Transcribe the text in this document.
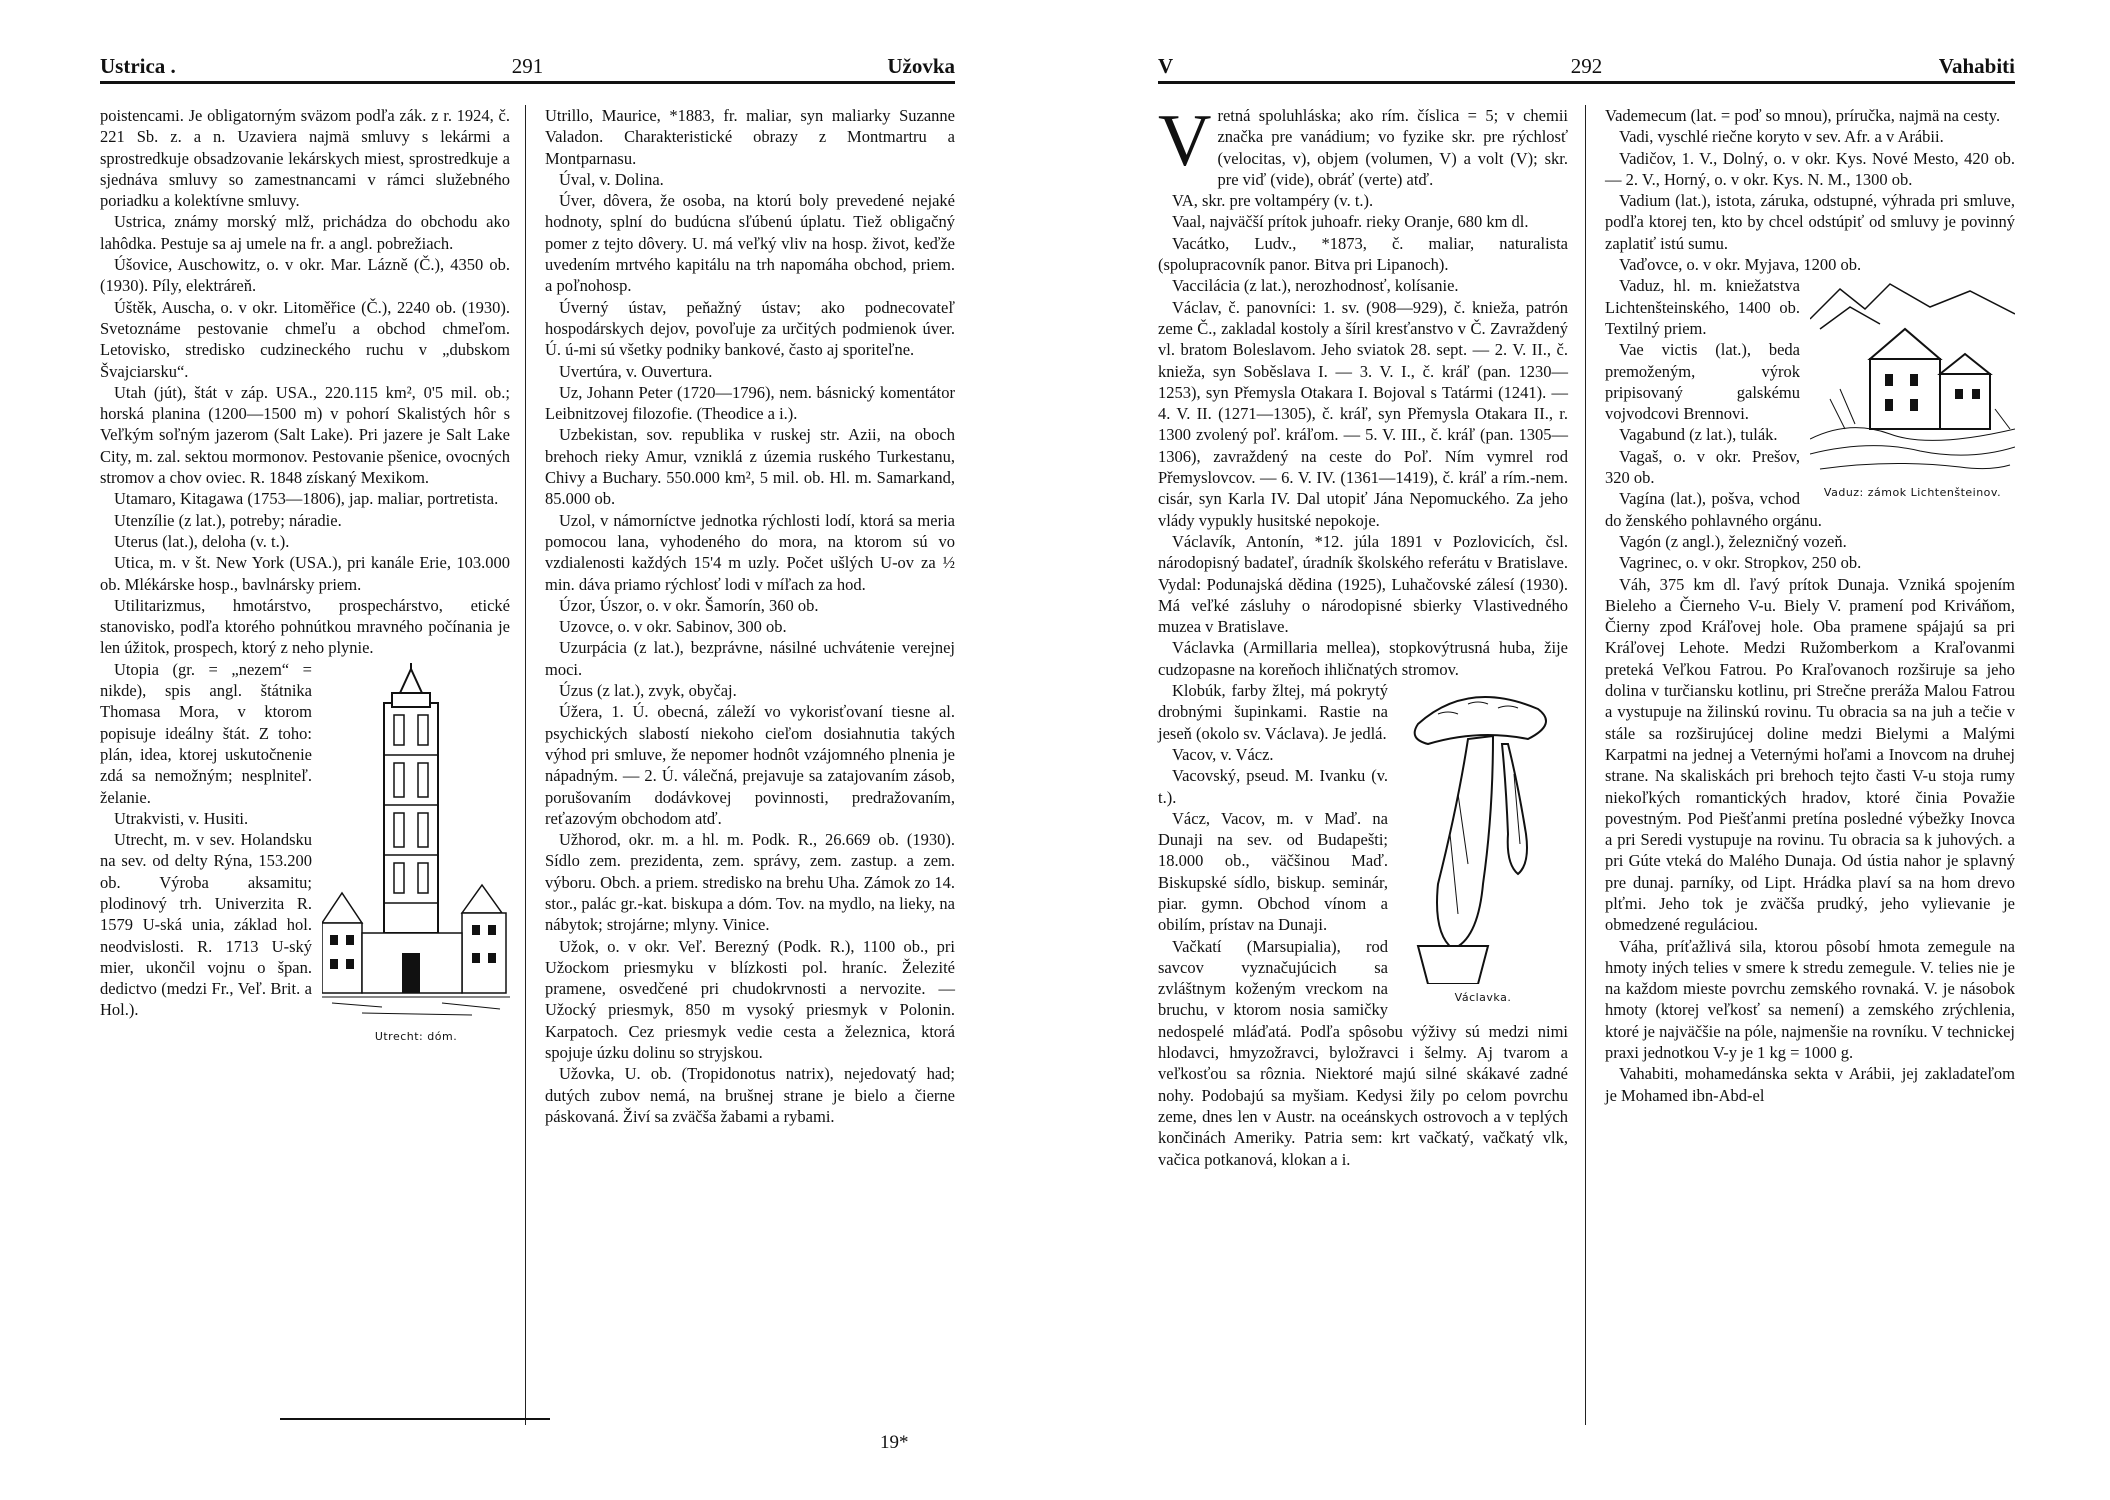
Ustrica .	291	Užovka

poistencami. Je obligatorným sväzom podľa zák. z r. 1924, č. 221 Sb. z. a n. Uzaviera najmä smluvy s lekármi a sprostredkuje obsadzovanie lekárskych miest, sprostredkuje a sjednáva smluvy so zamestnancami v rámci služebného poriadku a kolektívne smluvy.

Ustrica, známy morský mlž, prichádza do obchodu ako lahôdka. Pestuje sa aj umele na fr. a angl. pobrežiach.

Úšovice, Auschowitz, o. v okr. Mar. Lázně (Č.), 4350 ob. (1930). Píly, elektráreň.

Úštěk, Auscha, o. v okr. Litoměřice (Č.), 2240 ob. (1930). Svetoznáme pestovanie chmeľu a obchod chmeľom. Letovisko, stredisko cudzineckého ruchu v „dubskom Švajciarsku“.

Utah (jút), štát v záp. USA., 220.115 km², 0'5 mil. ob.; horská planina (1200—1500 m) v pohorí Skalistých hôr s Veľkým soľným jazerom (Salt Lake). Pri jazere je Salt Lake City, m. zal. sektou mormonov. Pestovanie pšenice, ovocných stromov a chov oviec. R. 1848 získaný Mexikom.

Utamaro, Kitagawa (1753—1806), jap. maliar, portretista.

Utenzílie (z lat.), potreby; náradie.

Uterus (lat.), deloha (v. t.).

Utica, m. v št. New York (USA.), pri kanále Erie, 103.000 ob. Mlékárske hosp., bavlnársky priem.

Utilitarizmus, hmotárstvo, prospechárstvo, etické stanovisko, podľa ktorého pohnútkou mravného počínania je len úžitok, prospech, ktorý z neho plynie.

Utrecht: dóm.

Utopia (gr. = „nezem“ = nikde), spis angl. štátnika Thomasa Mora, v ktorom popisuje ideálny štát. Z toho: plán, idea, ktorej uskutočnenie zdá sa nemožným; nesplniteľ. želanie.

Utrakvisti, v. Husiti.

Utrecht, m. v sev. Holandsku na sev. od delty Rýna, 153.200 ob. Výroba aksamitu; plodinový trh. Univerzita R. 1579 U-ská unia, základ hol. neodvislosti. R. 1713 U-ský mier, ukončil vojnu o špan. dedictvo (medzi Fr., Veľ. Brit. a Hol.).

Utrillo, Maurice, *1883, fr. maliar, syn maliarky Suzanne Valadon. Charakteristické obrazy z Montmartru a Montparnasu.

Úval, v. Dolina.

Úver, dôvera, že osoba, na ktorú boly prevedené nejaké hodnoty, splní do budúcna sľúbenú úplatu. Tiež obligačný pomer z tejto dôvery. U. má veľký vliv na hosp. život, keďže uvedením mrtvého kapitálu na trh napomáha obchod, priem. a poľnohosp.

Úverný ústav, peňažný ústav; ako podnecovateľ hospodárskych dejov, povoľuje za určitých podmienok úver. Ú. ú-mi sú všetky podniky bankové, často aj sporiteľne.

Uvertúra, v. Ouvertura.

Uz, Johann Peter (1720—1796), nem. básnický komentátor Leibnitzovej filozofie. (Theodice a i.).

Uzbekistan, sov. republika v ruskej str. Azii, na oboch brehoch rieky Amur, vzniklá z územia ruského Turkestanu, Chivy a Buchary. 550.000 km², 5 mil. ob. Hl. m. Samarkand, 85.000 ob.

Uzol, v námorníctve jednotka rýchlosti lodí, ktorá sa meria pomocou lana, vyhodeného do mora, na ktorom sú vo vzdialenosti každých 15'4 m uzly. Počet ušlých U-ov za ½ min. dáva priamo rýchlosť lodi v míľach za hod.

Úzor, Úszor, o. v okr. Šamorín, 360 ob.

Uzovce, o. v okr. Sabinov, 300 ob.

Uzurpácia (z lat.), bezprávne, násilné uchvátenie verejnej moci.

Úzus (z lat.), zvyk, obyčaj.

Úžera, 1. Ú. obecná, záleží vo vykorisťovaní tiesne al. psychických slabostí niekoho cieľom dosiahnutia takých výhod pri smluve, že nepomer hodnôt vzájomného plnenia je nápadným. — 2. Ú. válečná, prejavuje sa zatajovaním zásob, porušovaním dodávkovej povinnosti, predražovaním, reťazovým obchodom atď.

Užhorod, okr. m. a hl. m. Podk. R., 26.669 ob. (1930). Sídlo zem. prezidenta, zem. správy, zem. zastup. a zem. výboru. Obch. a priem. stredisko na brehu Uha. Zámok zo 14. stor., palác gr.-kat. biskupa a dóm. Tov. na mydlo, na lieky, na nábytok; strojárne; mlyny. Vinice.

Užok, o. v okr. Veľ. Berezný (Podk. R.), 1100 ob., pri Užockom priesmyku v blízkosti pol. hraníc. Železité pramene, osvedčené pri chudokrvnosti a nervozite. — Užocký priesmyk, 850 m vysoký priesmyk v Polonin. Karpatoch. Cez priesmyk vedie cesta a železnica, ktorá spojuje úzku dolinu so stryjskou.

Užovka, U. ob. (Tropidonotus natrix), nejedovatý had; dutých zubov nemá, na brušnej strane je bielo a čierne páskovaná. Živí sa zväčša žabami a rybami.

19*
V	292	Vahabiti
V retná spoluhláska; ako rím. číslica = 5; v chemii značka pre vanádium; vo fyzike skr. pre rýchlosť (velocitas, v), objem (volumen, V) a volt (V); skr. pre viď (vide), obráť (verte) atď.

VA, skr. pre voltampéry (v. t.).

Vaal, najväčší prítok juhoafr. rieky Oranje, 680 km dl.

Vacátko, Ludv., *1873, č. maliar, naturalista (spolupracovník panor. Bitva pri Lipanoch).

Vaccilácia (z lat.), nerozhodnosť, kolísanie.

Václav, č. panovníci: 1. sv. (908—929), č. knieža, patrón zeme Č., zakladal kostoly a šíril kresťanstvo v Č. Zavraždený vl. bratom Boleslavom. Jeho sviatok 28. sept. — 2. V. II., č. knieža, syn Soběslava I. — 3. V. I., č. kráľ (pan. 1230—1253), syn Přemysla Otakara I. Bojoval s Tatármi (1241). — 4. V. II. (1271—1305), č. kráľ, syn Přemysla Otakara II., r. 1300 zvolený poľ. kráľom. — 5. V. III., č. kráľ (pan. 1305—1306), zavraždený na ceste do Poľ. Ním vymrel rod Přemyslovcov. — 6. V. IV. (1361—1419), č. kráľ a rím.-nem. cisár, syn Karla IV. Dal utopiť Jána Nepomuckého. Za jeho vlády vypukly husitské nepokoje.

Václavík, Antonín, *12. júla 1891 v Pozlovicích, čsl. národopisný badateľ, úradník školského referátu v Bratislave. Vydal: Podunajská dědina (1925), Luhačovské zálesí (1930). Má veľké zásluhy o národopisné sbierky Vlastivedného muzea v Bratislave.

Václavka (Armillaria mellea), stopkovýtrusná huba, žije cudzopasne na koreňoch ihličnatých stromov.

Václavka.

Klobúk, farby žltej, má pokrytý drobnými šupinkami. Rastie na jeseň (okolo sv. Václava). Je jedlá.

Vacov, v. Vácz.

Vacovský, pseud. M. Ivanku (v. t.).

Vácz, Vacov, m. v Maď. na Dunaji na sev. od Budapešti; 18.000 ob., väčšinou Maď. Biskupské sídlo, biskup. seminár, piar. gymn. Obchod vínom a obilím, prístav na Dunaji.

Vačkatí (Marsupialia), rod savcov vyznačujúcich sa zvláštnym koženým vreckom na bruchu, v ktorom nosia samičky nedospelé mláďatá. Podľa spôsobu výživy sú medzi nimi hlodavci, hmyzožravci, byložravci i šelmy. Aj tvarom a veľkosťou sa rôznia. Niektoré majú silné skákavé zadné nohy. Podobajú sa myšiam. Kedysi žily po celom povrchu zeme, dnes len v Austr. na oceánskych ostrovoch a v teplých končinách Ameriky. Patria sem: krt vačkatý, vačkatý vlk, vačica potkanová, klokan a i.

Vademecum (lat. = poď so mnou), príručka, najmä na cesty.

Vadi, vyschlé riečne koryto v sev. Afr. a v Arábii.

Vadičov, 1. V., Dolný, o. v okr. Kys. Nové Mesto, 420 ob. — 2. V., Horný, o. v okr. Kys. N. M., 1300 ob.

Vadium (lat.), istota, záruka, odstupné, výhrada pri smluve, podľa ktorej ten, kto by chcel odstúpiť od smluvy je povinný zaplatiť istú sumu.

Vaďovce, o. v okr. Myjava, 1200 ob.

Vaduz: zámok Lichtenšteinov.

Vaduz, hl. m. kniežatstva Lichtenšteinského, 1400 ob. Textilný priem.

Vae victis (lat.), beda premoženým, výrok pripisovaný galskému vojvodcovi Brennovi.

Vagabund (z lat.), tulák.

Vagaš, o. v okr. Prešov, 320 ob.

Vagína (lat.), pošva, vchod do ženského pohlavného orgánu.

Vagón (z angl.), železničný vozeň.

Vagrinec, o. v okr. Stropkov, 250 ob.

Váh, 375 km dl. ľavý prítok Dunaja. Vzniká spojením Bieleho a Čierneho V-u. Biely V. pramení pod Kriváňom, Čierny zpod Kráľovej hole. Oba pramene spájajú sa pri Kráľovej Lehote. Medzi Ružomberkom a Kraľovanmi preteká Veľkou Fatrou. Po Kraľovanoch rozširuje sa jeho dolina v turčiansku kotlinu, pri Strečne preráža Malou Fatrou a vystupuje na žilinskú rovinu. Tu obracia sa na juh a tečie v stále sa rozširujúcej doline medzi Bielymi a Malými Karpatmi na jednej a Veternými hoľami a Inovcom na druhej strane. Na skaliskách pri brehoch tejto časti V-u stoja rumy niekoľkých romantických hradov, ktoré činia Považie povestným. Pod Piešťanmi pretína posledné výbežky Inovca a pri Seredi vystupuje na rovinu. Tu obracia sa k juhových. a pri Gúte vteká do Malého Dunaja. Od ústia nahor je splavný pre dunaj. parníky, od Lipt. Hrádka plaví sa na hom drevo plťmi. Jeho tok je zväčša prudký, jeho vylievanie je obmedzené reguláciou.

Váha, príťažlivá sila, ktorou pôsobí hmota zemegule na hmoty iných telies v smere k stredu zemegule. V. telies nie je na každom mieste povrchu zemského rovnaká. V. je násobok hmoty (ktorej veľkosť sa nemení) a zemského zrýchlenia, ktoré je najväčšie na póle, najmenšie na rovníku. V technickej praxi jednotkou V-y je 1 kg = 1000 g.

Vahabiti, mohamedánska sekta v Arábii, jej zakladateľom je Mohamed ibn-Abd-el
